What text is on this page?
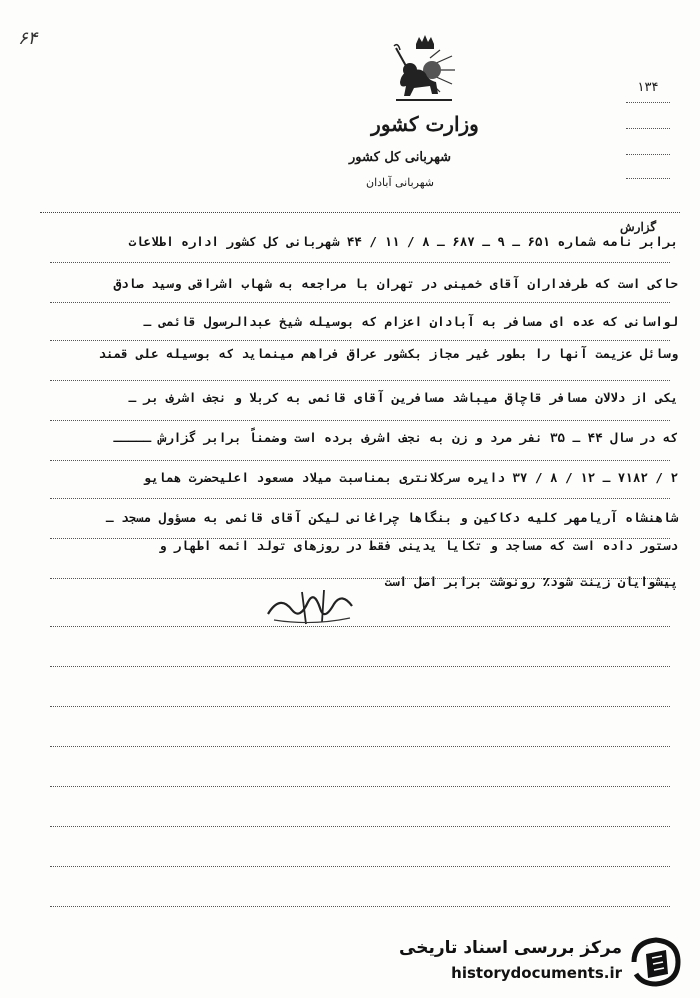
۶۴
وزارت کشور
شهربانی کل کشور
شهربانی آبادان
۱۳۴
گزارش
برابر نامه شماره ۶۵۱ ـ ۹ ـ ۶۸۷ ـ ۸ / ۱۱ / ۴۴ شهربانی کل کشور اداره اطلاعات
حاکی است که طرفداران آقای خمینی در تهران با مراجعه به شهاب اشراقی وسید صادق
لواسانی که عده ای مسافر به آبادان اعزام که بوسیله شیخ عبدالرسول قائمی ـ
وسائل عزیمت آنها را بطور غیر مجاز بکشور عراق فراهم مینماید که بوسیله علی قمند
یکی از دلالان مسافر قاچاق میباشد مسافرین آقای قائمی به کربلا و نجف اشرف بر ـ
که در سال ۴۴ ـ ۳۵ نفر مرد و زن به نجف اشرف برده است وضمناً برابر گزارش ـــــ
۲ / ۷۱۸۲ ـ ۱۲ / ۸ / ۳۷ دایره سرکلانتری بمناسبت میلاد مسعود اعلیحضرت همایو
شاهنشاه آریامهر کلیه دکاکین و بنگاها چراغانی لیکن آقای قائمی به مسؤول مسجد ـ
دستور داده است که مساجد و تکایا یدینی فقط در روزهای تولد ائمه اطهار و
پیشوایان زینت شود٪ رونوشت برابر اصل است
مرکز بررسی اسناد تاریخی
historydocuments.ir
